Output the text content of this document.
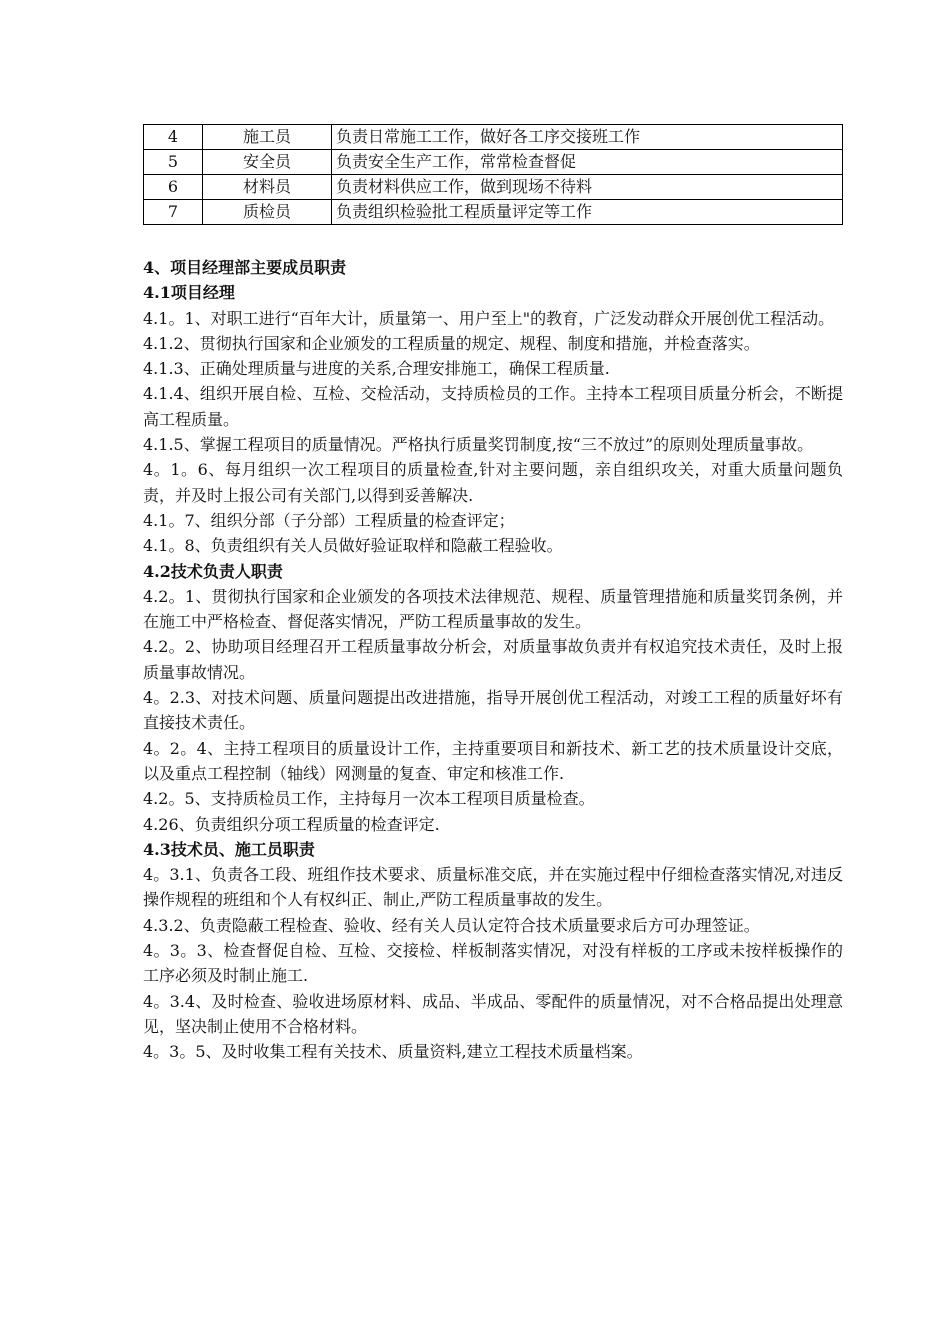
4	施工员	负责日常施工工作，做好各工序交接班工作
5	安全员	负责安全生产工作，常常检查督促
6	材料员	负责材料供应工作，做到现场不待料
7	质检员	负责组织检验批工程质量评定等工作
4、项目经理部主要成员职责
4.1项目经理

4.1。1、对职工进行“百年大计，质量第一、用户至上"的教育，广泛发动群众开展创优工程活动。

4.1.2、贯彻执行国家和企业颁发的工程质量的规定、规程、制度和措施，并检查落实。

4.1.3、正确处理质量与进度的关系,合理安排施工，确保工程质量.

4.1.4、组织开展自检、互检、交检活动，支持质检员的工作。主持本工程项目质量分析会，不断提高工程质量。

4.1.5、掌握工程项目的质量情况。严格执行质量奖罚制度,按“三不放过”的原则处理质量事故。

4。1。6、每月组织一次工程项目的质量检查,针对主要问题，亲自组织攻关，对重大质量问题负责，并及时上报公司有关部门,以得到妥善解决.

4.1。7、组织分部（子分部）工程质量的检查评定；

4.1。8、负责组织有关人员做好验证取样和隐蔽工程验收。

4.2技术负责人职责

4.2。1、贯彻执行国家和企业颁发的各项技术法律规范、规程、质量管理措施和质量奖罚条例，并在施工中严格检查、督促落实情况，严防工程质量事故的发生。

4.2。2、协助项目经理召开工程质量事故分析会，对质量事故负责并有权追究技术责任，及时上报质量事故情况。

4。2.3、对技术问题、质量问题提出改进措施，指导开展创优工程活动，对竣工工程的质量好坏有直接技术责任。

4。2。4、主持工程项目的质量设计工作，主持重要项目和新技术、新工艺的技术质量设计交底，以及重点工程控制（轴线）网测量的复查、审定和核准工作.

4.2。5、支持质检员工作，主持每月一次本工程项目质量检查。

4.26、负责组织分项工程质量的检查评定.

4.3技术员、施工员职责

4。3.1、负责各工段、班组作技术要求、质量标准交底，并在实施过程中仔细检查落实情况,对违反操作规程的班组和个人有权纠正、制止,严防工程质量事故的发生。

4.3.2、负责隐蔽工程检查、验收、经有关人员认定符合技术质量要求后方可办理签证。

4。3。3、检查督促自检、互检、交接检、样板制落实情况，对没有样板的工序或未按样板操作的工序必须及时制止施工.

4。3.4、及时检查、验收进场原材料、成品、半成品、零配件的质量情况，对不合格品提出处理意见，坚决制止使用不合格材料。

4。3。5、及时收集工程有关技术、质量资料,建立工程技术质量档案。
